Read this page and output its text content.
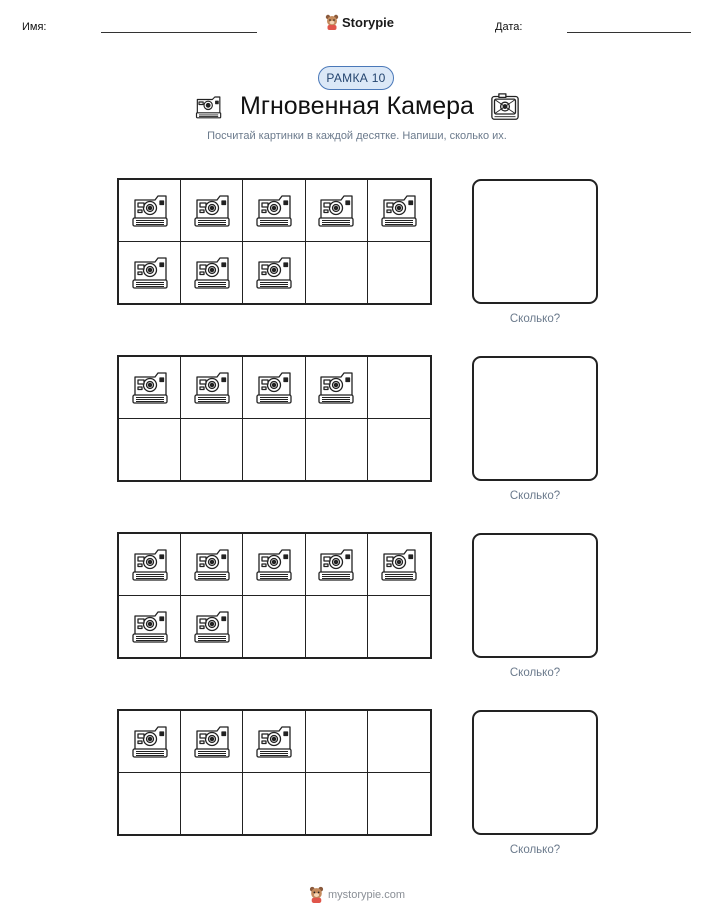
Имя:	Storypie	Дата:
РАМКА 10
Мгновенная Камера
Посчитай картинки в каждой десятке. Напиши, сколько их.
Сколько?
Сколько?
Сколько?
Сколько?
mystorypie.com
